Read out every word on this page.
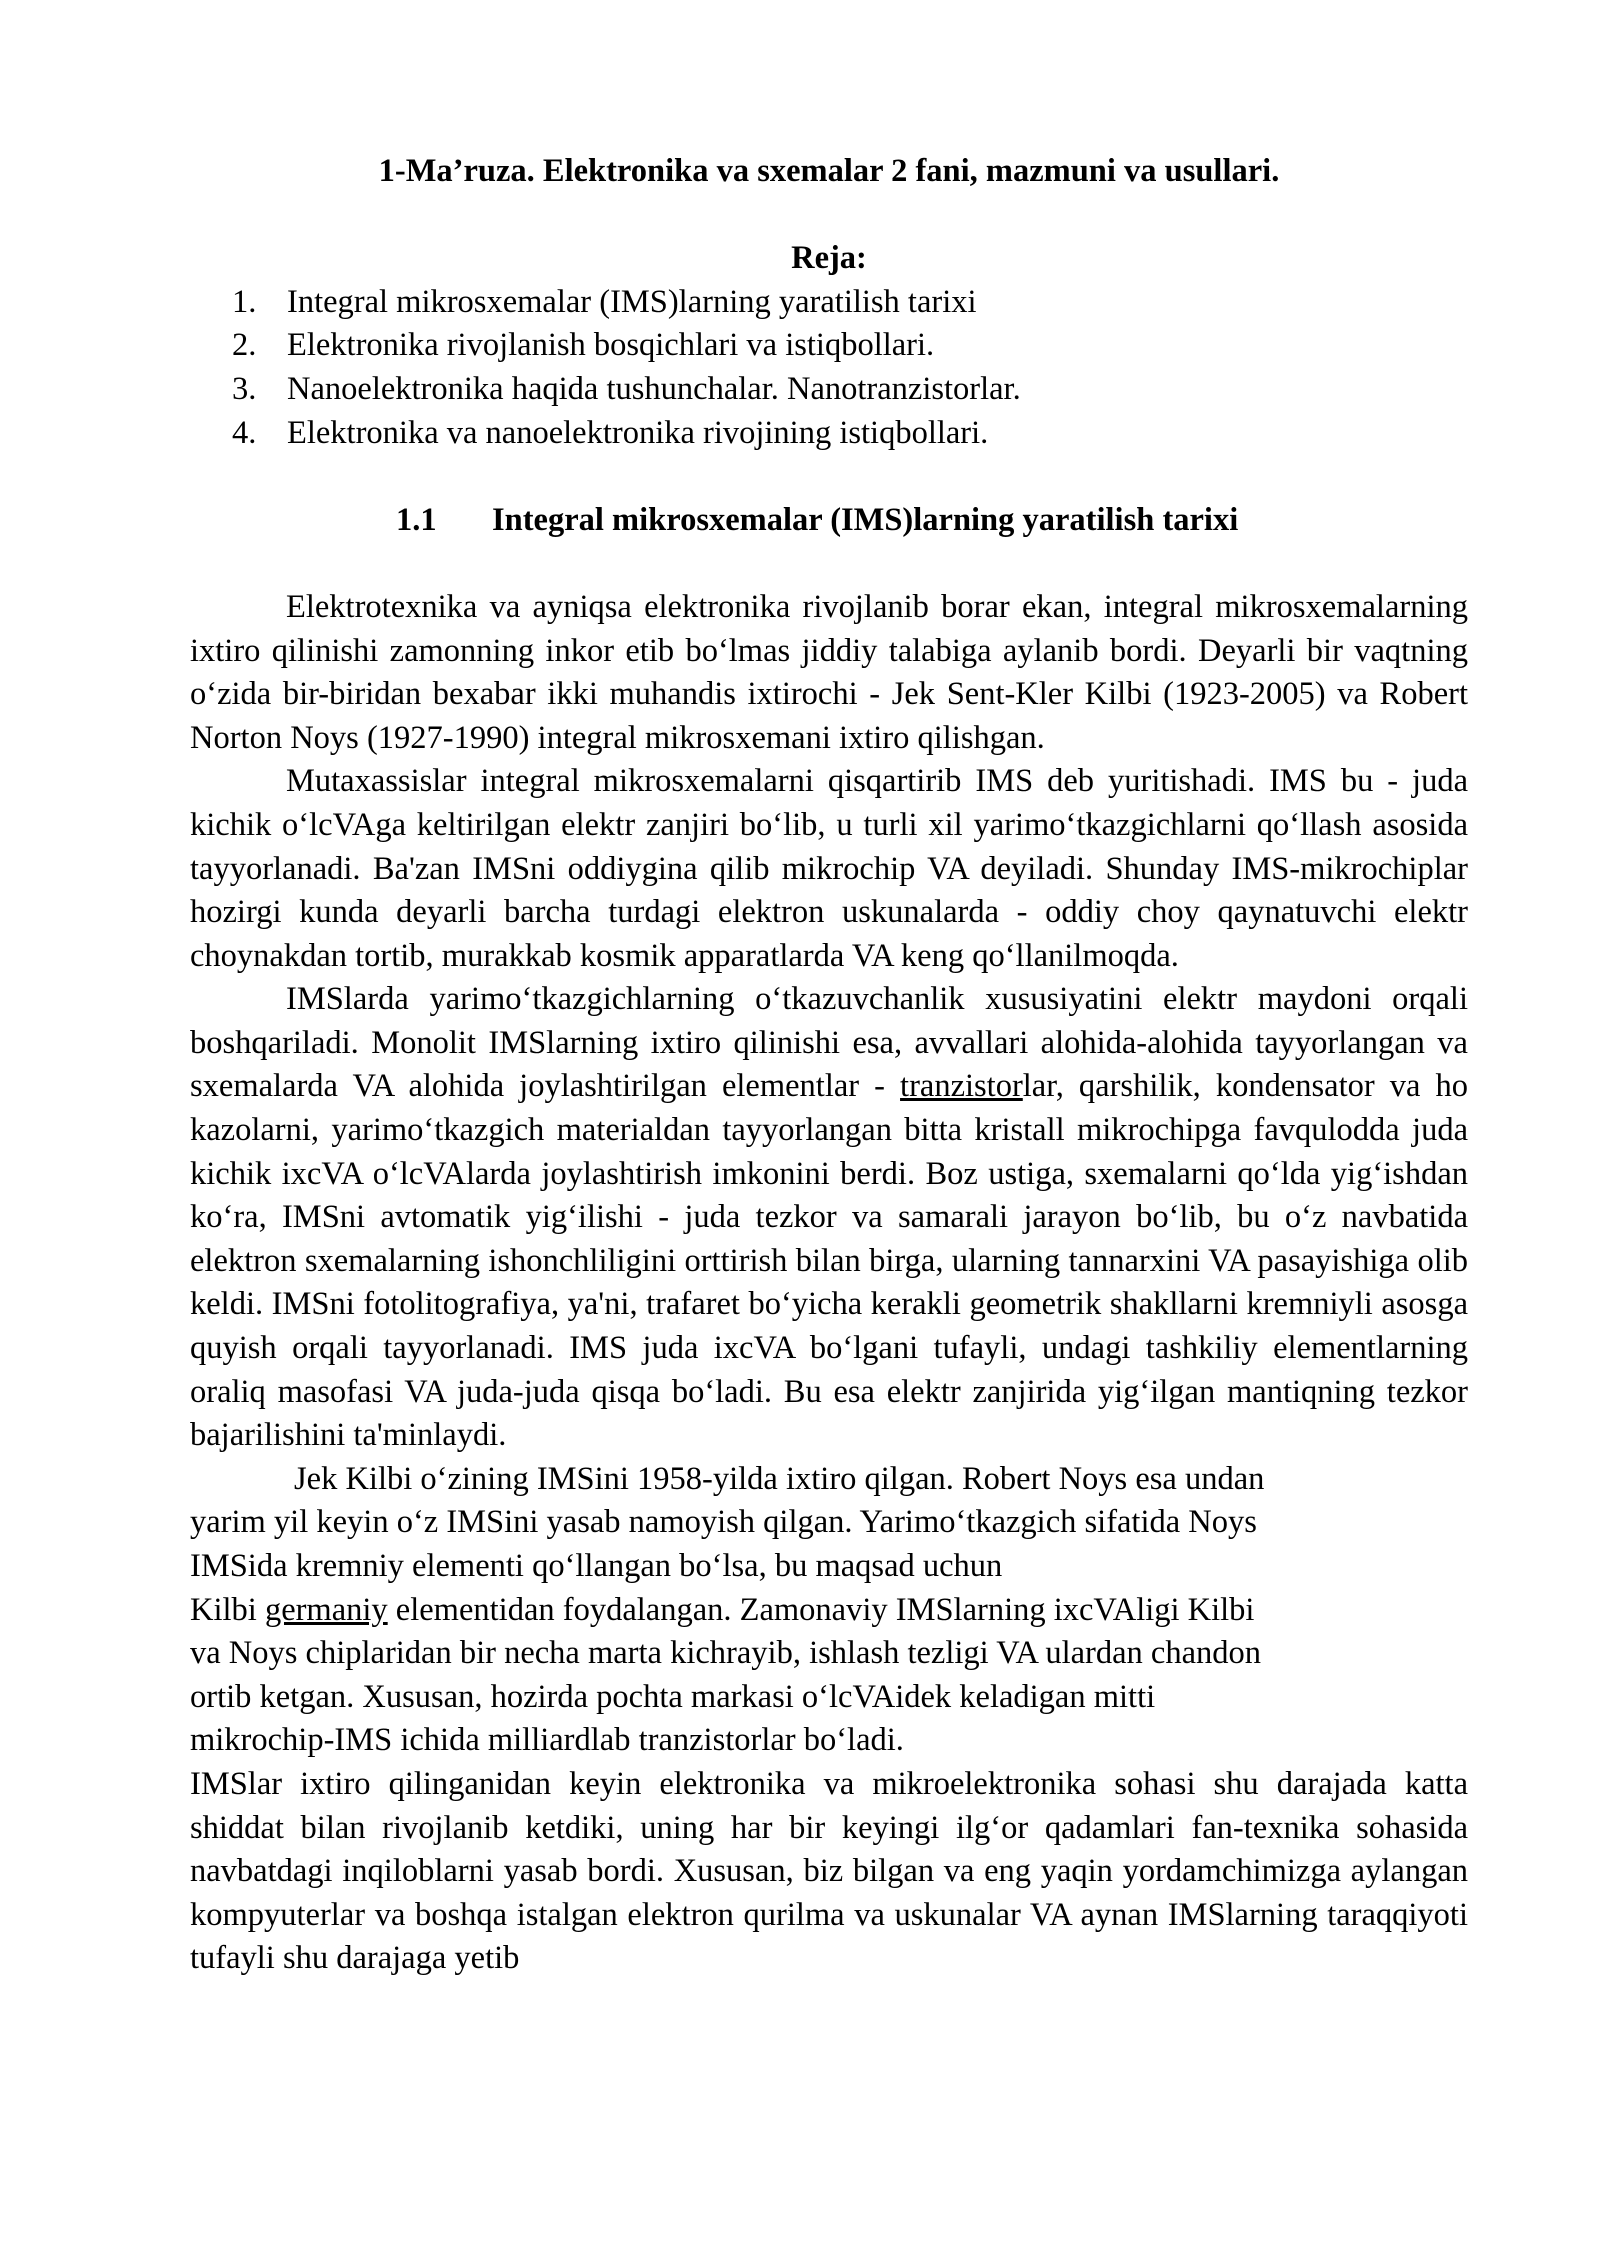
1-Ma’ruza. Elektronika va sxemalar 2 fani, mazmuni va usullari.
Reja:
1. Integral mikrosxemalar (IMS)larning yaratilish tarixi
2. Elektronika rivojlanish bosqichlari va istiqbollari.
3. Nanoelektronika haqida tushunchalar. Nanotranzistorlar.
4. Elektronika va nanoelektronika rivojining istiqbollari.
1.1 Integral mikrosxemalar (IMS)larning yaratilish tarixi

Elektrotexnika va ayniqsa elektronika rivojlanib borar ekan, integral mikrosxemalarning ixtiro qilinishi zamonning inkor etib bo‘lmas jiddiy talabiga aylanib bordi. Deyarli bir vaqtning o‘zida bir-biridan bexabar ikki muhandis ixtirochi - Jek Sent-Kler Kilbi (1923-2005) va Robert Norton Noys (1927-1990) integral mikrosxemani ixtiro qilishgan.

Mutaxassislar integral mikrosxemalarni qisqartirib IMS deb yuritishadi. IMS bu - juda kichik o‘lcVAga keltirilgan elektr zanjiri bo‘lib, u turli xil yarimo‘tkazgichlarni qo‘llash asosida tayyorlanadi. Ba'zan IMSni oddiygina qilib mikrochip VA deyiladi. Shunday IMS-mikrochiplar hozirgi kunda deyarli barcha turdagi elektron uskunalarda - oddiy choy qaynatuvchi elektr choynakdan tortib, murakkab kosmik apparatlarda VA keng qo‘llanilmoqda.

IMSlarda yarimo‘tkazgichlarning o‘tkazuvchanlik xususiyatini elektr maydoni orqali boshqariladi. Monolit IMSlarning ixtiro qilinishi esa, avvallari alohida-alohida tayyorlangan va sxemalarda VA alohida joylashtirilgan elementlar - tranzistorlar, qarshilik, kondensator va ho kazolarni, yarimo‘tkazgich materialdan tayyorlangan bitta kristall mikrochipga favqulodda juda kichik ixcVA o‘lcVAlarda joylashtirish imkonini berdi. Boz ustiga, sxemalarni qo‘lda yig‘ishdan ko‘ra, IMSni avtomatik yig‘ilishi - juda tezkor va samarali jarayon bo‘lib, bu o‘z navbatida elektron sxemalarning ishonchliligini orttirish bilan birga, ularning tannarxini VA pasayishiga olib keldi. IMSni fotolitografiya, ya'ni, trafaret bo‘yicha kerakli geometrik shakllarni kremniyli asosga quyish orqali tayyorlanadi. IMS juda ixcVA bo‘lgani tufayli, undagi tashkiliy elementlarning oraliq masofasi VA juda-juda qisqa bo‘ladi. Bu esa elektr zanjirida yig‘ilgan mantiqning tezkor bajarilishini ta'minlaydi.

Jek Kilbi o‘zining IMSini 1958-yilda ixtiro qilgan. Robert Noys esa undan
yarim yil keyin o‘z IMSini yasab namoyish qilgan. Yarimo‘tkazgich sifatida Noys
IMSida kremniy elementi qo‘llangan bo‘lsa, bu maqsad uchun
Kilbi germaniy elementidan foydalangan. Zamonaviy IMSlarning ixcVAligi Kilbi
va Noys chiplaridan bir necha marta kichrayib, ishlash tezligi VA ulardan chandon
ortib ketgan. Xususan, hozirda pochta markasi o‘lcVAidek keladigan mitti
mikrochip-IMS ichida milliardlab tranzistorlar bo‘ladi.

IMSlar ixtiro qilinganidan keyin elektronika va mikroelektronika sohasi shu darajada katta shiddat bilan rivojlanib ketdiki, uning har bir keyingi ilg‘or qadamlari fan-texnika sohasida navbatdagi inqiloblarni yasab bordi. Xususan, biz bilgan va eng yaqin yordamchimizga aylangan kompyuterlar va boshqa istalgan elektron qurilma va uskunalar VA aynan IMSlarning taraqqiyoti tufayli shu darajaga yetib
